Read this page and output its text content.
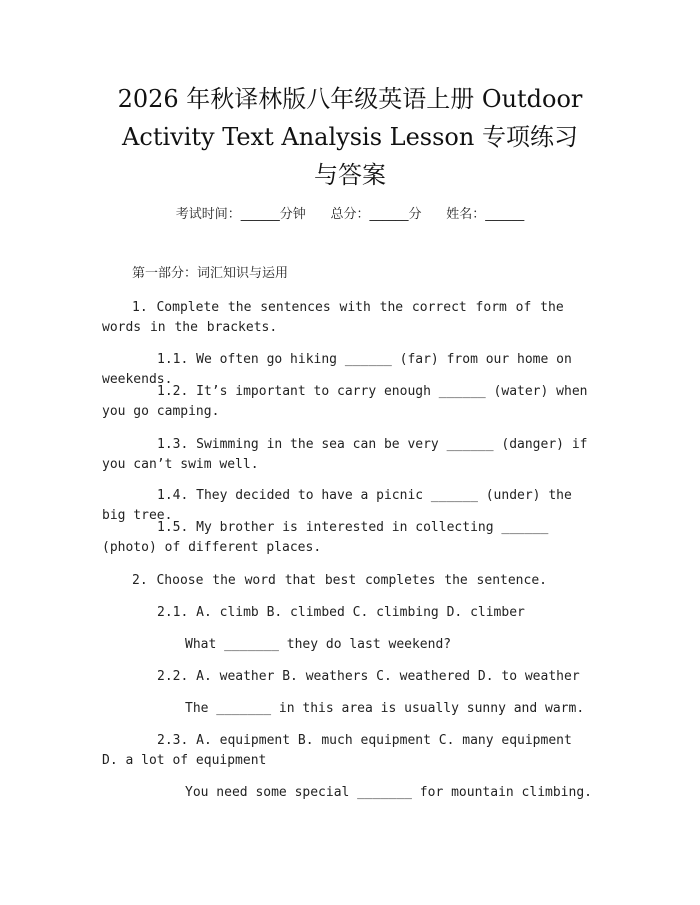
2026 年秋译林版八年级英语上册 Outdoor
Activity Text Analysis Lesson 专项练习
与答案
考试时间：______分钟      总分：______分      姓名：______
第一部分：词汇知识与运用
1. Complete the sentences with the correct form of the words in the brackets.
1.1. We often go hiking ______ (far) from our home on weekends.
1.2. It’s important to carry enough ______ (water) when you go camping.
1.3. Swimming in the sea can be very ______ (danger) if you can’t swim well.
1.4. They decided to have a picnic ______ (under) the big tree.
1.5. My brother is interested in collecting ______ (photo) of different places.
2. Choose the word that best completes the sentence.
2.1. A. climb B. climbed C. climbing D. climber
What _______ they do last weekend?
2.2. A. weather B. weathers C. weathered D. to weather
The _______ in this area is usually sunny and warm.
2.3. A. equipment B. much equipment C. many equipment D. a lot of equipment
You need some special _______ for mountain climbing.
